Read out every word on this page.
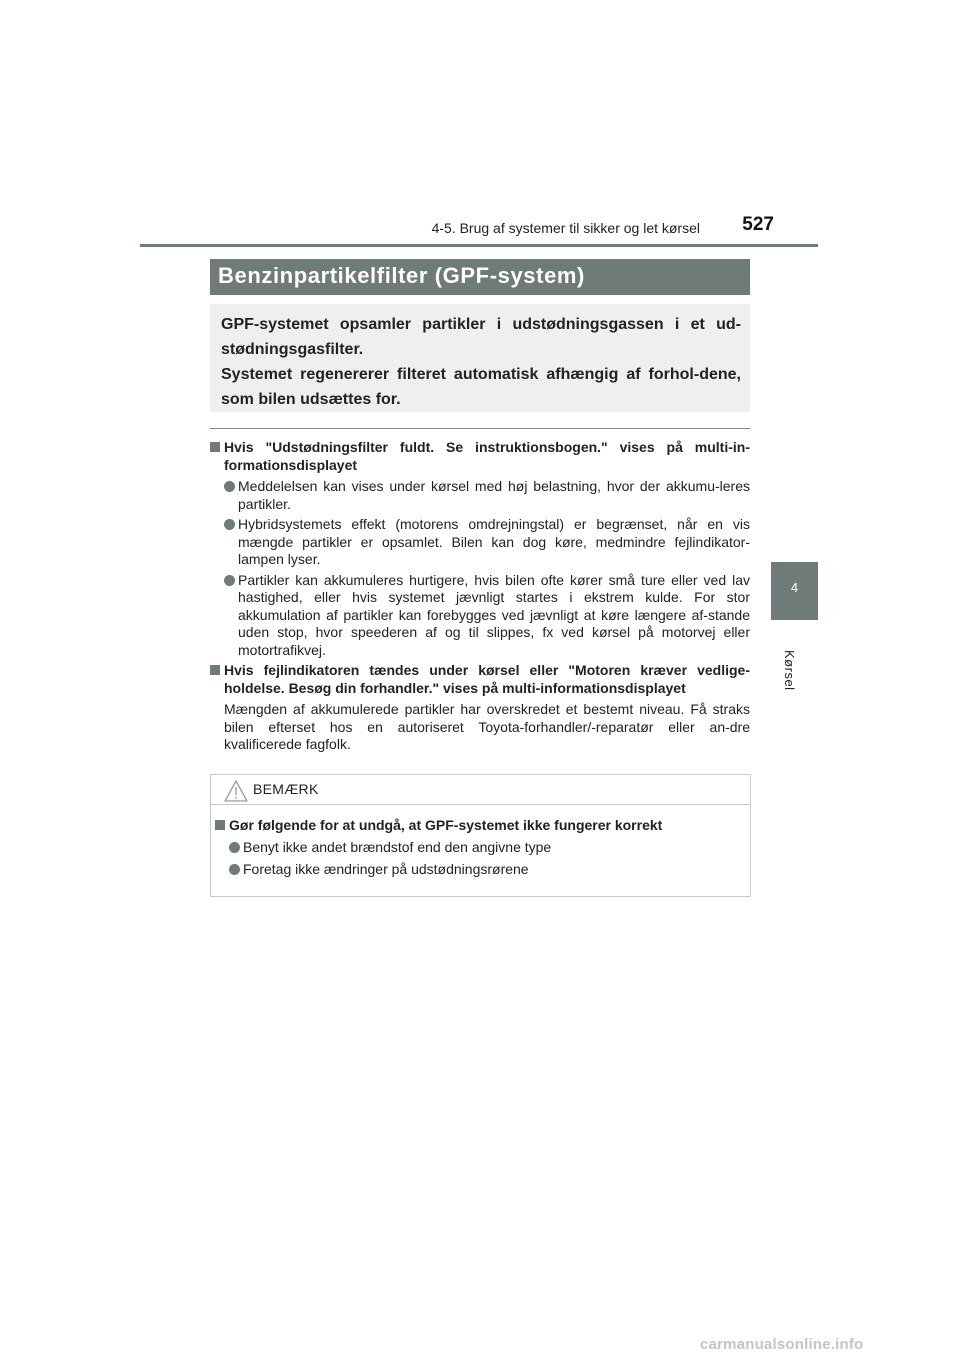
4-5. Brug af systemer til sikker og let kørsel	527
4
Kørsel
Benzinpartikelfilter (GPF-system)

GPF-systemet opsamler partikler i udstødningsgassen i et ud-stødningsgasfilter.

Systemet regenererer filteret automatisk afhængig af forhol-dene, som bilen udsættes for.

Hvis "Udstødningsfilter fuldt. Se instruktionsbogen." vises på multi-in-formationsdisplayet

Meddelelsen kan vises under kørsel med høj belastning, hvor der akkumu-leres partikler.

Hybridsystemets effekt (motorens omdrejningstal) er begrænset, når en vis mængde partikler er opsamlet. Bilen kan dog køre, medmindre fejlindikator-lampen lyser.

Partikler kan akkumuleres hurtigere, hvis bilen ofte kører små ture eller ved lav hastighed, eller hvis systemet jævnligt startes i ekstrem kulde. For stor akkumulation af partikler kan forebygges ved jævnligt at køre længere af-stande uden stop, hvor speederen af og til slippes, fx ved kørsel på motorvej eller motortrafikvej.

Hvis fejlindikatoren tændes under kørsel eller "Motoren kræver vedlige-holdelse. Besøg din forhandler." vises på multi-informationsdisplayet

Mængden af akkumulerede partikler har overskredet et bestemt niveau. Få straks bilen efterset hos en autoriseret Toyota-forhandler/-reparatør eller an-dre kvalificerede fagfolk.

BEMÆRK

Gør følgende for at undgå, at GPF-systemet ikke fungerer korrekt

Benyt ikke andet brændstof end den angivne type

Foretag ikke ændringer på udstødningsrørene

carmanualsonline.info
